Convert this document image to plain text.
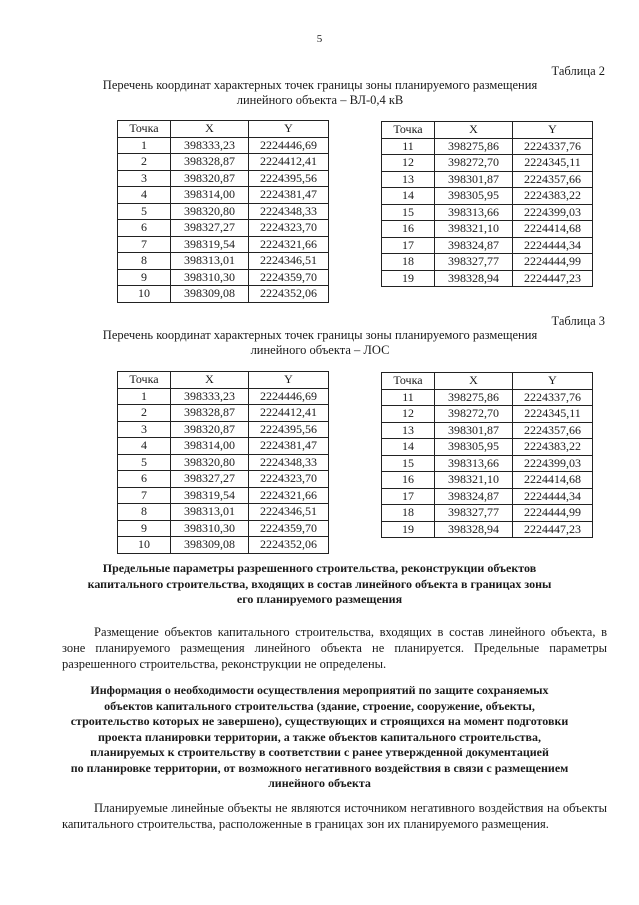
5
Таблица 2
Перечень координат характерных точек границы зоны планируемого размещения
линейного объекта – ВЛ-0,4 кВ
Точка	X	Y
1	398333,23	2224446,69
2	398328,87	2224412,41
3	398320,87	2224395,56
4	398314,00	2224381,47
5	398320,80	2224348,33
6	398327,27	2224323,70
7	398319,54	2224321,66
8	398313,01	2224346,51
9	398310,30	2224359,70
10	398309,08	2224352,06
Точка	X	Y
11	398275,86	2224337,76
12	398272,70	2224345,11
13	398301,87	2224357,66
14	398305,95	2224383,22
15	398313,66	2224399,03
16	398321,10	2224414,68
17	398324,87	2224444,34
18	398327,77	2224444,99
19	398328,94	2224447,23
Таблица 3
Перечень координат характерных точек границы зоны планируемого размещения
линейного объекта – ЛОС
Точка	X	Y
1	398333,23	2224446,69
2	398328,87	2224412,41
3	398320,87	2224395,56
4	398314,00	2224381,47
5	398320,80	2224348,33
6	398327,27	2224323,70
7	398319,54	2224321,66
8	398313,01	2224346,51
9	398310,30	2224359,70
10	398309,08	2224352,06
Точка	X	Y
11	398275,86	2224337,76
12	398272,70	2224345,11
13	398301,87	2224357,66
14	398305,95	2224383,22
15	398313,66	2224399,03
16	398321,10	2224414,68
17	398324,87	2224444,34
18	398327,77	2224444,99
19	398328,94	2224447,23
Предельные параметры разрешенного строительства, реконструкции объектов
капитального строительства, входящих в состав линейного объекта в границах зоны
его планируемого размещения
Размещение объектов капитального строительства, входящих в состав линейного объекта, в зоне планируемого размещения линейного объекта не планируется. Предельные параметры разрешенного строительства, реконструкции не определены.
Информация о необходимости осуществления мероприятий по защите сохраняемых
объектов капитального строительства (здание, строение, сооружение, объекты,
строительство которых не завершено), существующих и строящихся на момент подготовки
проекта планировки территории, а также объектов капитального строительства,
планируемых к строительству в соответствии с ранее утвержденной документацией
по планировке территории, от возможного негативного воздействия в связи с размещением
линейного объекта
Планируемые линейные объекты не являются источником негативного воздействия на объекты капитального строительства, расположенные в границах зон их планируемого размещения.
